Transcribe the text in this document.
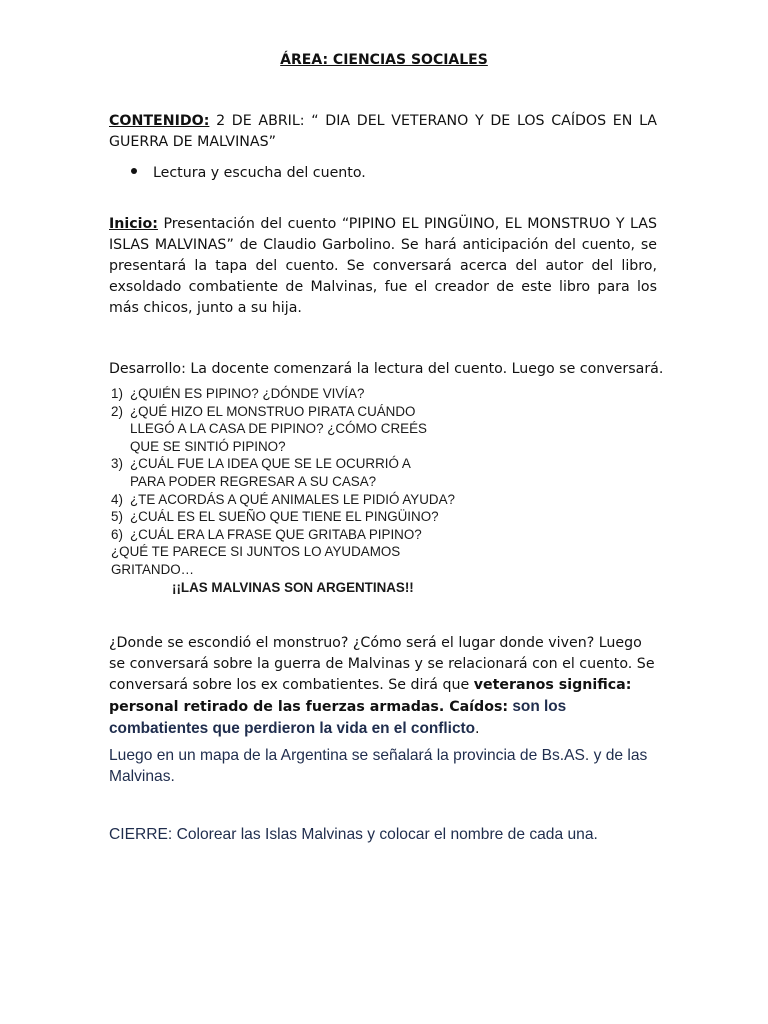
ÁREA: CIENCIAS SOCIALES
CONTENIDO: 2 DE ABRIL: “ DIA DEL VETERANO Y DE LOS CAÍDOS EN LA GUERRA DE MALVINAS”
Lectura y escucha del cuento.
Inicio: Presentación del cuento “PIPINO EL PINGÜINO, EL MONSTRUO Y LAS ISLAS MALVINAS” de Claudio Garbolino. Se hará anticipación del cuento, se presentará la tapa del cuento. Se conversará acerca del autor del libro, exsoldado combatiente de Malvinas, fue el creador de este libro para los más chicos, junto a su hija.
Desarrollo: La docente comenzará la lectura del cuento. Luego se conversará.
1) ¿QUIÉN ES PIPINO? ¿DÓNDE VIVÍA?
2) ¿QUÉ HIZO EL MONSTRUO PIRATA CUÁNDO LLEGÓ A LA CASA DE PIPINO? ¿CÓMO CREÉS QUE SE SINTIÓ PIPINO?
3) ¿CUÁL FUE LA IDEA QUE SE LE OCURRIÓ A PARA PODER REGRESAR A SU CASA?
4) ¿TE ACORDÁS A QUÉ ANIMALES LE PIDIÓ AYUDA?
5) ¿CUÁL ES EL SUEÑO QUE TIENE EL PINGÜINO?
6) ¿CUÁL ERA LA FRASE QUE GRITABA PIPINO?
¿QUÉ TE PARECE SI JUNTOS LO AYUDAMOS GRITANDO…
¡¡LAS MALVINAS SON ARGENTINAS!!
¿Donde se escondió el monstruo? ¿Cómo será el lugar donde viven? Luego se conversará sobre la guerra de Malvinas y se relacionará con el cuento. Se conversará sobre los ex combatientes. Se dirá que veteranos significa: personal retirado de las fuerzas armadas. Caídos: son los combatientes que perdieron la vida en el conflicto.
Luego en un mapa de la Argentina se señalará la provincia de Bs.AS. y de las Malvinas.
CIERRE: Colorear las Islas Malvinas y colocar el nombre de cada una.
